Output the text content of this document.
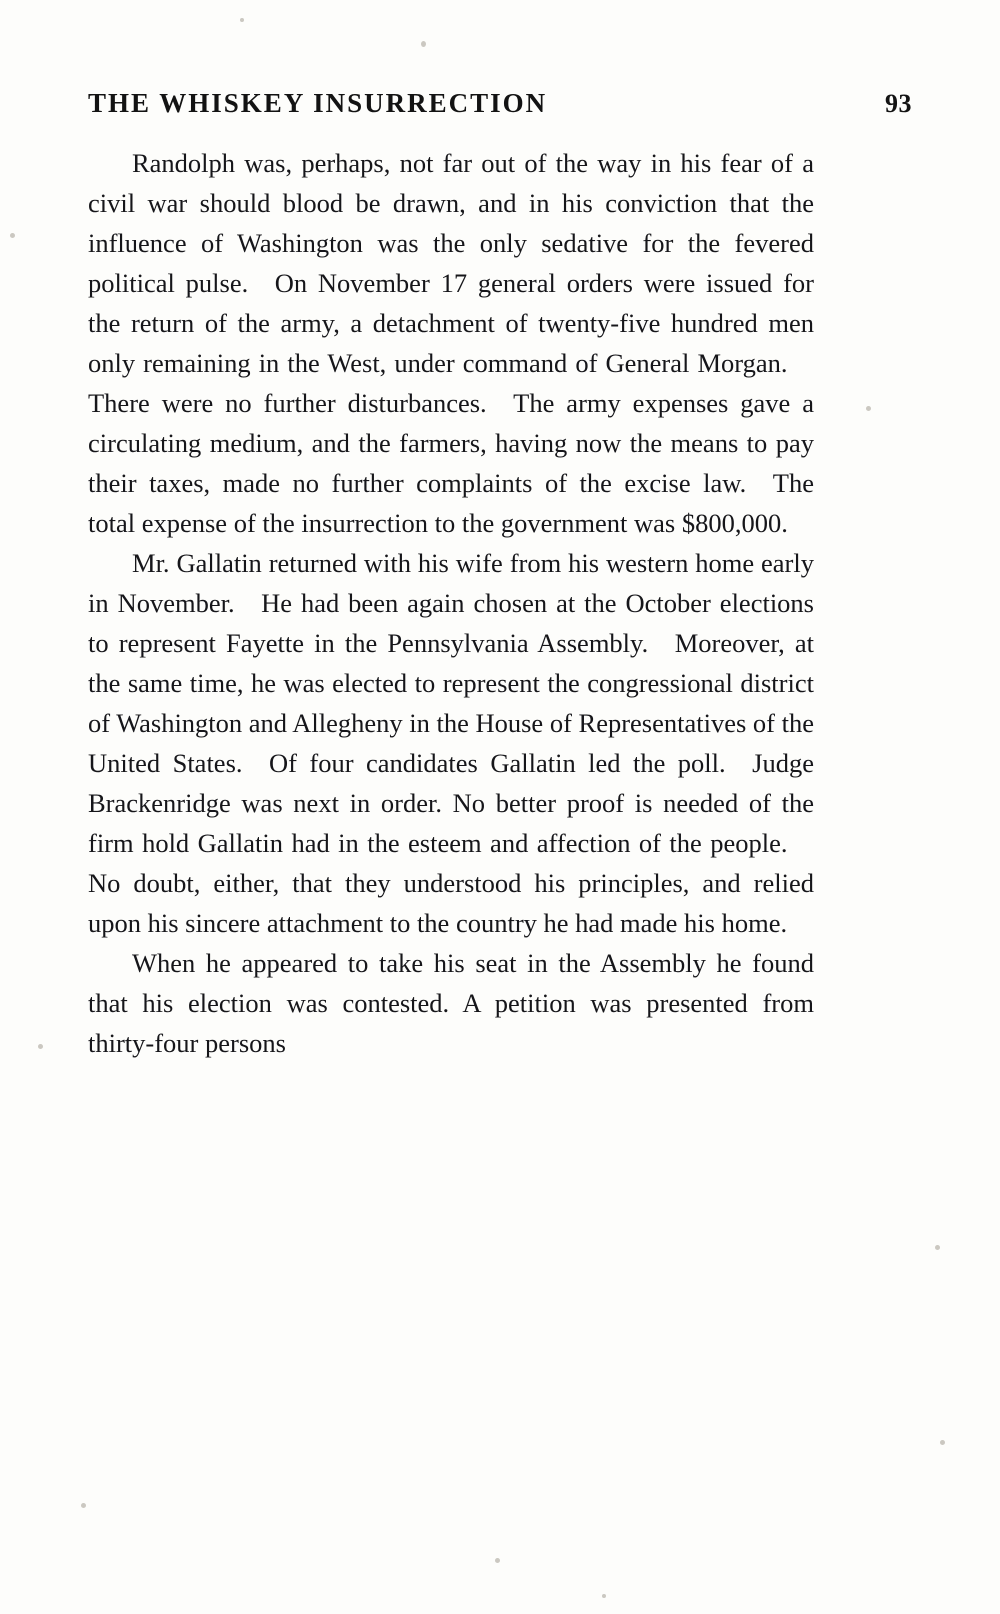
THE WHISKEY INSURRECTION	93

Randolph was, perhaps, not far out of the way in his fear of a civil war should blood be drawn, and in his conviction that the influence of Washington was the only sedative for the fevered political pulse. On November 17 general orders were issued for the return of the army, a detachment of twenty-five hundred men only remaining in the West, under command of General Morgan. There were no further disturbances. The army expenses gave a circulating medium, and the farmers, having now the means to pay their taxes, made no further complaints of the excise law. The total expense of the insurrection to the government was $800,000.

Mr. Gallatin returned with his wife from his western home early in November. He had been again chosen at the October elections to represent Fayette in the Pennsylvania Assembly. Moreover, at the same time, he was elected to represent the congressional district of Washington and Allegheny in the House of Representatives of the United States. Of four candidates Gallatin led the poll. Judge Brackenridge was next in order. No better proof is needed of the firm hold Gallatin had in the esteem and affection of the people. No doubt, either, that they understood his principles, and relied upon his sincere attachment to the country he had made his home.

When he appeared to take his seat in the Assembly he found that his election was contested. A petition was presented from thirty-four persons
